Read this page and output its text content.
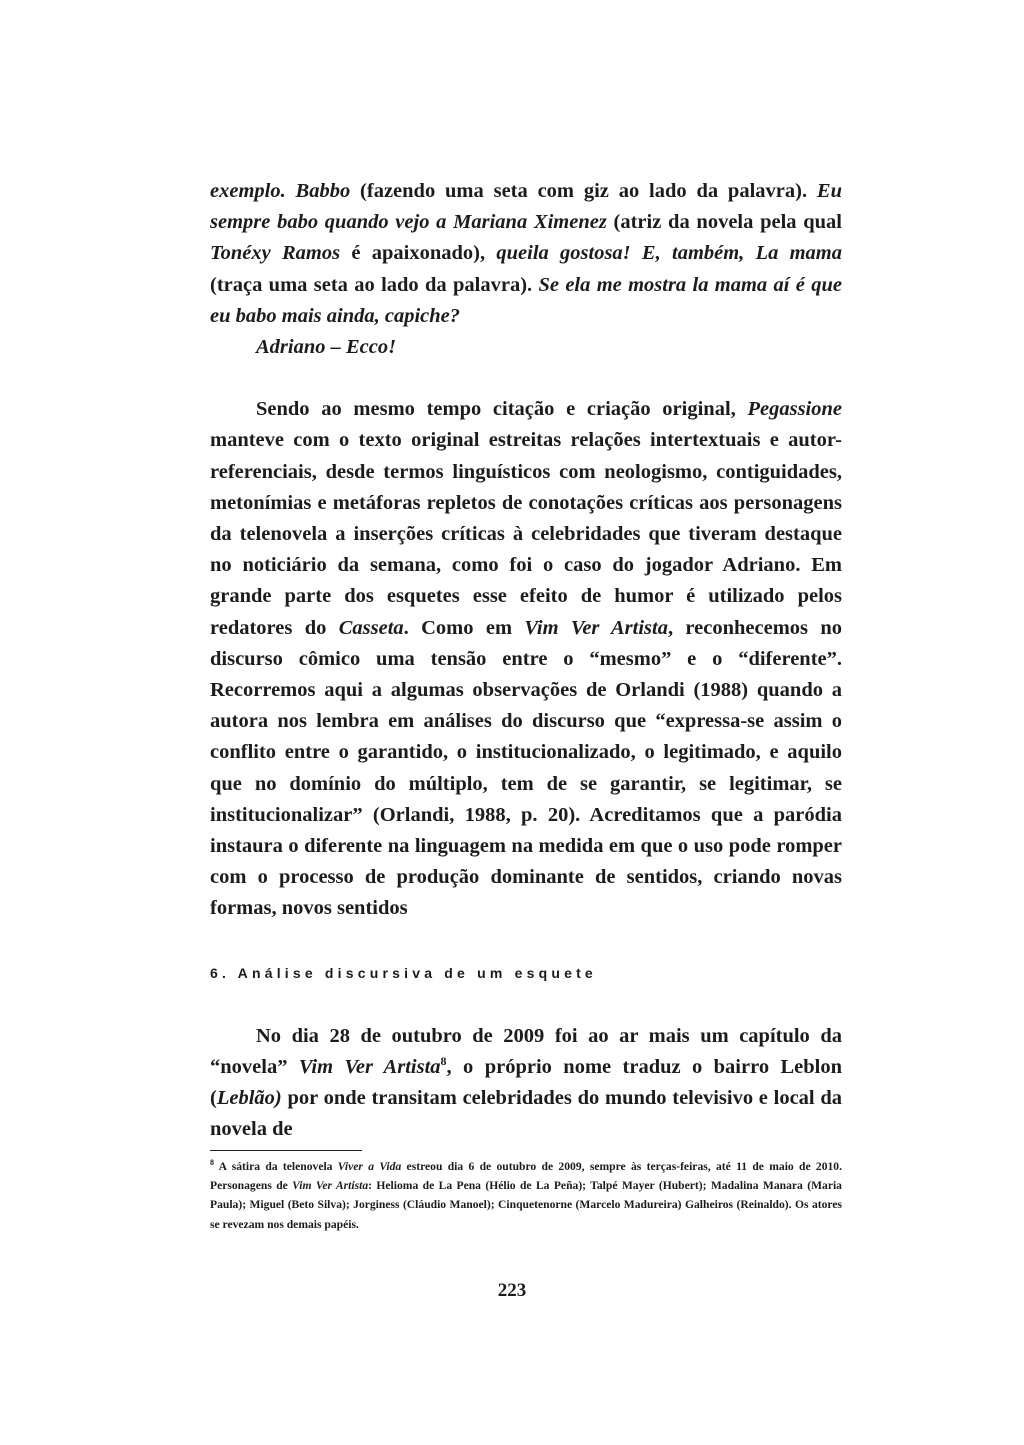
exemplo. Babbo (fazendo uma seta com giz ao lado da palavra). Eu sempre babo quando vejo a Mariana Ximenez (atriz da novela pela qual Tonéxy Ramos é apaixonado), queila gostosa! E, também, La mama (traça uma seta ao lado da palavra). Se ela me mostra la mama aí é que eu babo mais ainda, capiche?

Adriano – Ecco!

Sendo ao mesmo tempo citação e criação original, Pegassione manteve com o texto original estreitas relações intertextuais e autor-referenciais, desde termos linguísticos com neologismo, contiguidades, metonímias e metáforas repletos de conotações críticas aos personagens da telenovela a inserções críticas à celebridades que tiveram destaque no noticiário da semana, como foi o caso do jogador Adriano. Em grande parte dos esquetes esse efeito de humor é utilizado pelos redatores do Casseta. Como em Vim Ver Artista, reconhecemos no discurso cômico uma tensão entre o “mesmo” e o “diferente”. Recorremos aqui a algumas observações de Orlandi (1988) quando a autora nos lembra em análises do discurso que “expressa-se assim o conflito entre o garantido, o institucionalizado, o legitimado, e aquilo que no domínio do múltiplo, tem de se garantir, se legitimar, se institucionalizar” (Orlandi, 1988, p. 20). Acreditamos que a paródia instaura o diferente na linguagem na medida em que o uso pode romper com o processo de produção dominante de sentidos, criando novas formas, novos sentidos

6. Análise discursiva de um esquete

No dia 28 de outubro de 2009 foi ao ar mais um capítulo da “novela” Vim Ver Artista$^8$, o próprio nome traduz o bairro Leblon (Leblão) por onde transitam celebridades do mundo televisivo e local da novela de

$^8$ A sátira da telenovela Viver a Vida estreou dia 6 de outubro de 2009, sempre às terças-feiras, até 11 de maio de 2010. Personagens de Vim Ver Artista: Helioma de La Pena (Hélio de La Peña); Talpé Mayer (Hubert); Madalina Manara (Maria Paula); Miguel (Beto Silva); Jorginess (Cláudio Manoel); Cinquetenorne (Marcelo Madureira) Galheiros (Reinaldo). Os atores se revezam nos demais papéis.

223
